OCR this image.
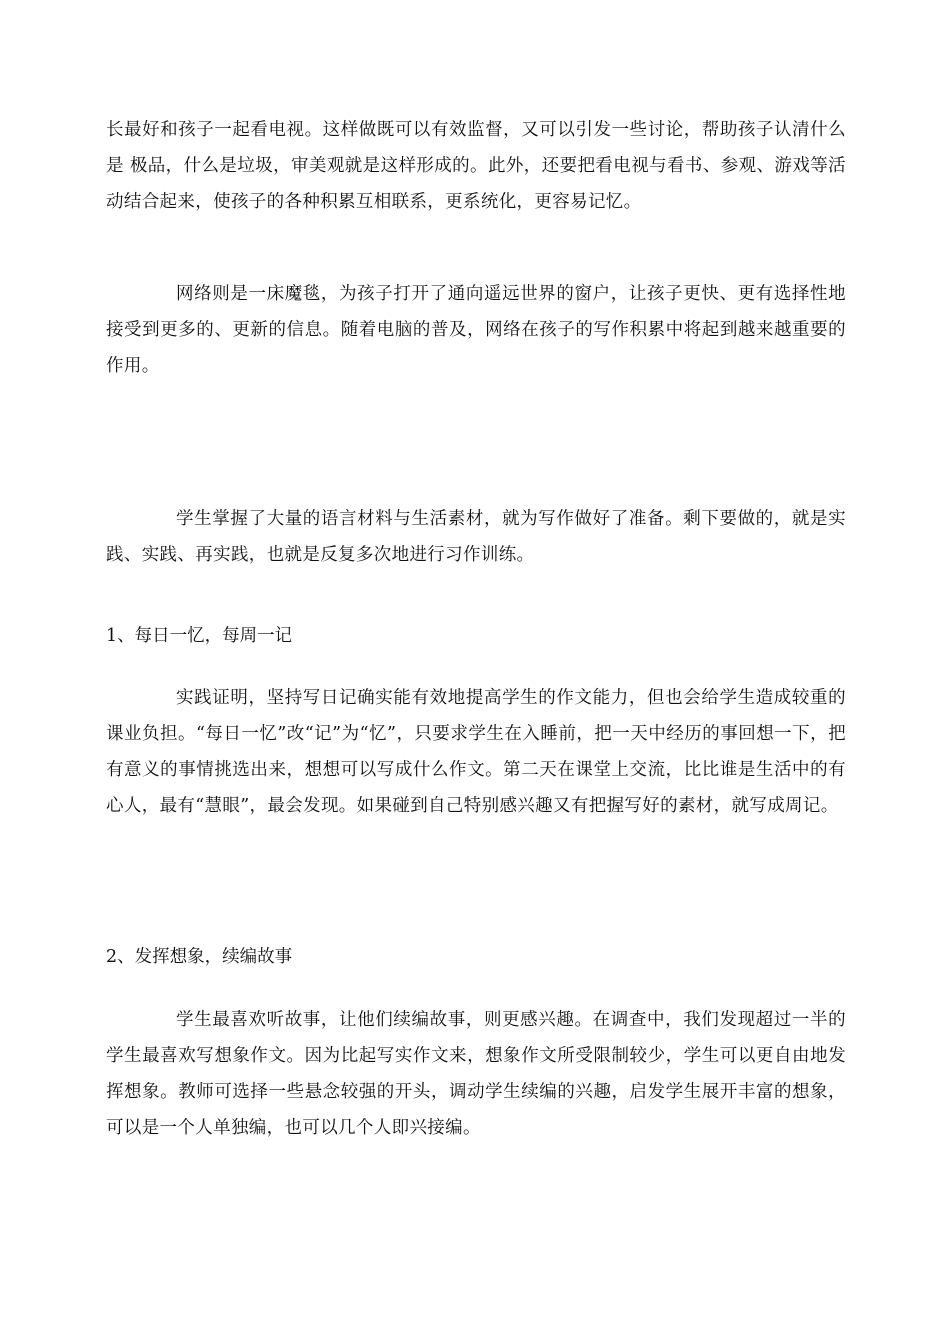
长最好和孩子一起看电视。这样做既可以有效监督，又可以引发一些讨论，帮助孩子认清什么是 极品，什么是垃圾，审美观就是这样形成的。此外，还要把看电视与看书、参观、游戏等活动结合起来，使孩子的各种积累互相联系，更系统化，更容易记忆。

网络则是一床魔毯，为孩子打开了通向遥远世界的窗户，让孩子更快、更有选择性地接受到更多的、更新的信息。随着电脑的普及，网络在孩子的写作积累中将起到越来越重要的作用。

学生掌握了大量的语言材料与生活素材，就为写作做好了准备。剩下要做的，就是实践、实践、再实践，也就是反复多次地进行习作训练。

1、每日一忆，每周一记

实践证明，坚持写日记确实能有效地提高学生的作文能力，但也会给学生造成较重的课业负担。“每日一忆”改“记”为“忆”，只要求学生在入睡前，把一天中经历的事回想一下，把有意义的事情挑选出来，想想可以写成什么作文。第二天在课堂上交流，比比谁是生活中的有心人，最有“慧眼”，最会发现。如果碰到自己特别感兴趣又有把握写好的素材，就写成周记。

2、发挥想象，续编故事

学生最喜欢听故事，让他们续编故事，则更感兴趣。在调查中，我们发现超过一半的学生最喜欢写想象作文。因为比起写实作文来，想象作文所受限制较少，学生可以更自由地发挥想象。教师可选择一些悬念较强的开头，调动学生续编的兴趣，启发学生展开丰富的想象，可以是一个人单独编，也可以几个人即兴接编。
